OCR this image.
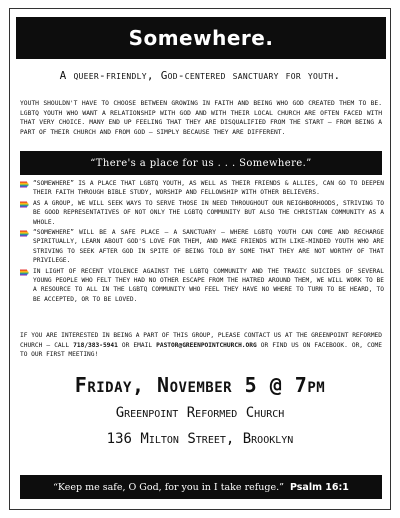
Somewhere.
A queer-friendly, God-centered sanctuary for youth.
YOUTH SHOULDN'T HAVE TO CHOOSE BETWEEN GROWING IN FAITH AND BEING WHO GOD CREATED THEM TO BE. LGBTQ YOUTH WHO WANT A RELATIONSHIP WITH GOD AND WITH THEIR LOCAL CHURCH ARE OFTEN FACED WITH THAT VERY CHOICE. MANY END UP FEELING THAT THEY ARE DISQUALIFIED FROM THE START – FROM BEING A PART OF THEIR CHURCH AND FROM GOD – SIMPLY BECAUSE THEY ARE DIFFERENT.
“There's a place for us . . . Somewhere.”
“SOMEWHERE” IS A PLACE THAT LGBTQ YOUTH, AS WELL AS THEIR FRIENDS & ALLIES, CAN GO TO DEEPEN THEIR FAITH THROUGH BIBLE STUDY, WORSHIP AND FELLOWSHIP WITH OTHER BELIEVERS.
AS A GROUP, WE WILL SEEK WAYS TO SERVE THOSE IN NEED THROUGHOUT OUR NEIGHBORHOODS, STRIVING TO BE GOOD REPRESENTATIVES OF NOT ONLY THE LGBTQ COMMUNITY BUT ALSO THE CHRISTIAN COMMUNITY AS A WHOLE.
“SOMEWHERE” WILL BE A SAFE PLACE – A SANCTUARY – WHERE LGBTQ YOUTH CAN COME AND RECHARGE SPIRITUALLY, LEARN ABOUT GOD'S LOVE FOR THEM, AND MAKE FRIENDS WITH LIKE-MINDED YOUTH WHO ARE STRIVING TO SEEK AFTER GOD IN SPITE OF BEING TOLD BY SOME THAT THEY ARE NOT WORTHY OF THAT PRIVILEGE.
IN LIGHT OF RECENT VIOLENCE AGAINST THE LGBTQ COMMUNITY AND THE TRAGIC SUICIDES OF SEVERAL YOUNG PEOPLE WHO FELT THEY HAD NO OTHER ESCAPE FROM THE HATRED AROUND THEM, WE WILL WORK TO BE A RESOURCE TO ALL IN THE LGBTQ COMMUNITY WHO FEEL THEY HAVE NO WHERE TO TURN TO BE HEARD, TO BE ACCEPTED, OR TO BE LOVED.
IF YOU ARE INTERESTED IN BEING A PART OF THIS GROUP, PLEASE CONTACT US AT THE GREENPOINT REFORMED CHURCH – CALL 718/383-5941 OR EMAIL PASTOR@GREENPOINTCHURCH.ORG OR FIND US ON FACEBOOK. OR, COME TO OUR FIRST MEETING!
Friday, November 5 @ 7pm
Greenpoint Reformed Church
136 Milton Street, Brooklyn
“Keep me safe, O God, for you in I take refuge.” Psalm 16:1
